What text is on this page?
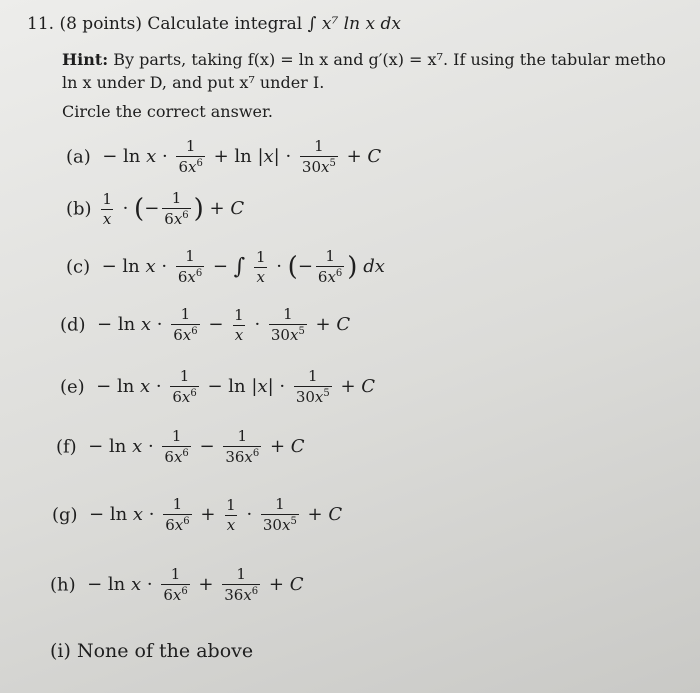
11. (8 points) Calculate integral ∫ x⁷ ln x dx
Hint: By parts, taking f(x) = ln x and g′(x) = x⁷. If using the tabular metho
ln x under D, and put x⁷ under I.
Circle the correct answer.
$(a) - \ln x \cdot \frac{1}{6x^6} + \ln |x| \cdot \frac{1}{30x^5} + C$
$(b) \frac{1}{x}$ · (− $\frac{1}{6x^6}$ ) + C
$(c) - \ln x \cdot \frac{1}{6x^6}$ − ∫ $\frac{1}{x}$ · (− $\frac{1}{6x^6}$ ) dx
$(d) - \ln x \cdot \frac{1}{6x^6} - \frac{1}{x} \cdot \frac{1}{30x^5} + C$
$(e) - \ln x \cdot \frac{1}{6x^6} - \ln |x| \cdot \frac{1}{30x^5} + C$
$(f) - \ln x \cdot \frac{1}{6x^6} - \frac{1}{36x^6} + C$
$(g) - \ln x \cdot \frac{1}{6x^6} + \frac{1}{x} \cdot \frac{1}{30x^5} + C$
$(h) - \ln x \cdot \frac{1}{6x^6} + \frac{1}{36x^6} + C$
(i) None of the above
